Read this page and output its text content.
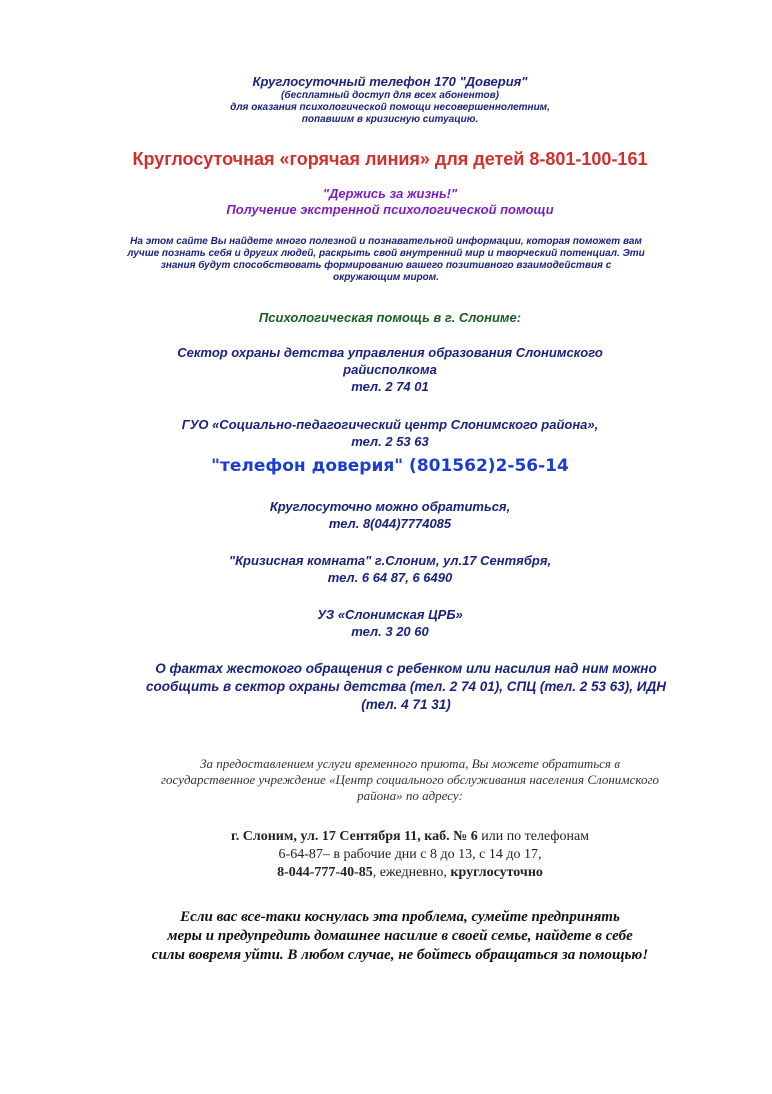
Круглосуточный телефон 170 "Доверия"
(бесплатный доступ для всех абонентов)
для оказания психологической помощи несовершеннолетним,
попавшим в кризисную ситуацию.
Круглосуточная «горячая линия» для детей 8-801-100-161
"Держись за жизнь!"
Получение экстренной психологической помощи
На этом сайте Вы найдете много полезной и познавательной информации, которая поможет вам
лучше познать себя и других людей, раскрыть свой внутренний мир и творческий потенциал. Эти
знания будут способствовать формированию вашего позитивного взаимодействия с
окружающим миром.
Психологическая помощь в г. Слониме:
Сектор охраны детства управления образования Слонимского
райисполкома
тел. 2 74 01
ГУО «Социально-педагогический центр Слонимского района»,
тел. 2 53 63
"телефон доверия" (801562)2-56-14
Круглосуточно можно обратиться,
тел. 8(044)7774085
"Кризисная комната" г.Слоним, ул.17 Сентября,
тел. 6 64 87, 6 6490
УЗ «Слонимская ЦРБ»
тел. 3 20 60
О фактах жестокого обращения с ребенком или насилия над ним можно
сообщить в сектор охраны детства (тел. 2 74 01), СПЦ (тел. 2 53 63), ИДН
(тел. 4 71 31)
За предоставлением услуги временного приюта, Вы можете обратиться в
государственное учреждение «Центр социального обслуживания населения Слонимского
района» по адресу:
г. Слоним, ул. 17 Сентября 11, каб. № 6 или по телефонам
6-64-87– в рабочие дни с 8 до 13, с 14 до 17,
8-044-777-40-85, ежедневно, круглосуточно
Если вас все-таки коснулась эта проблема, сумейте предпринять
меры и предупредить домашнее насилие в своей семье, найдете в себе
силы вовремя уйти. В любом случае, не бойтесь обращаться за помощью!
